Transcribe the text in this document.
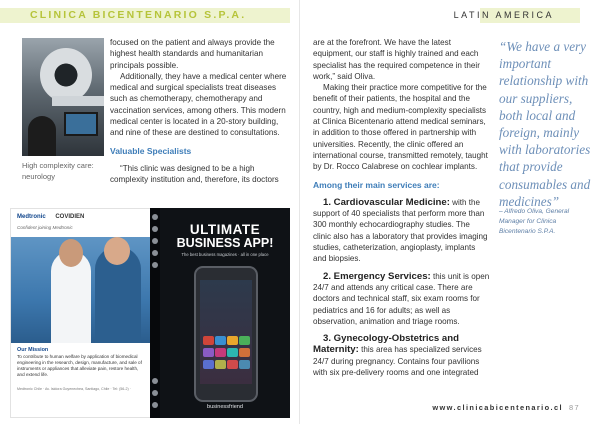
CLINICA BICENTENARIO S.P.A.	LATIN AMERICA
High complexity care: neurology

focused on the patient and always provide the highest health standards and humanitarian principals possible.

Additionally, they have a medical center where medical and surgical specialists treat diseases such as chemotherapy, chemotherapy and vaccination services, among others. This modern medical center is located in a 20-story building, and nine of these are destined to consultations.

Valuable Specialists

“This clinic was designed to be a high complexity institution and, therefore, its doctors

are at the forefront. We have the latest equipment, our staff is highly trained and each specialist has the required competence in their work,” said Oliva.

Making their practice more competitive for the benefit of their patients, the hospital and the country, high and medium-complexity specialists at Clinica Bicentenario attend medical seminars, in addition to those offered in partnership with universities. Recently, the clinic offered an international course, transmitted remotely, taught by Dr. Rocco Calabrese on cochlear implants.

Among their main services are:

1. Cardiovascular Medicine: with the support of 40 specialists that perform more than 300 monthly echocardiography studies. The clinic also has a laboratory that provides imaging studies, catheterization, angioplasty, implants and biopsies.

2. Emergency Services: this unit is open 24/7 and attends any critical case. There are doctors and technical staff, six exam rooms for pediatrics and 16 for adults; as well as observation, animation and triage rooms.

3. Gynecology-Obstetrics and Maternity: this area has specialized services 24/7 during pregnancy. Contains four pavilions with six pre-delivery rooms and one integrated

“We have a very important relationship with our suppliers, both local and foreign, mainly with laboratories that provide consumables and medicines”
– Alfredo Oliva, General Manager for Clinica Bicentenario S.P.A.
www.clinicabicentenario.cl 87
Medtronic COVIDIEN
Confident joining Medtronic
Our Mission
To contribute to human welfare by application of biomedical engineering in the research, design, manufacture, and sale of instruments or appliances that alleviate pain, restore health, and extend life.
Medtronic Chile · Av. Isidora Goyenechea, Santiago, Chile · Tel: (56-2) ·
ULTIMATE
BUSINESS APP!
The best business magazines · all in one place
businessfriend
